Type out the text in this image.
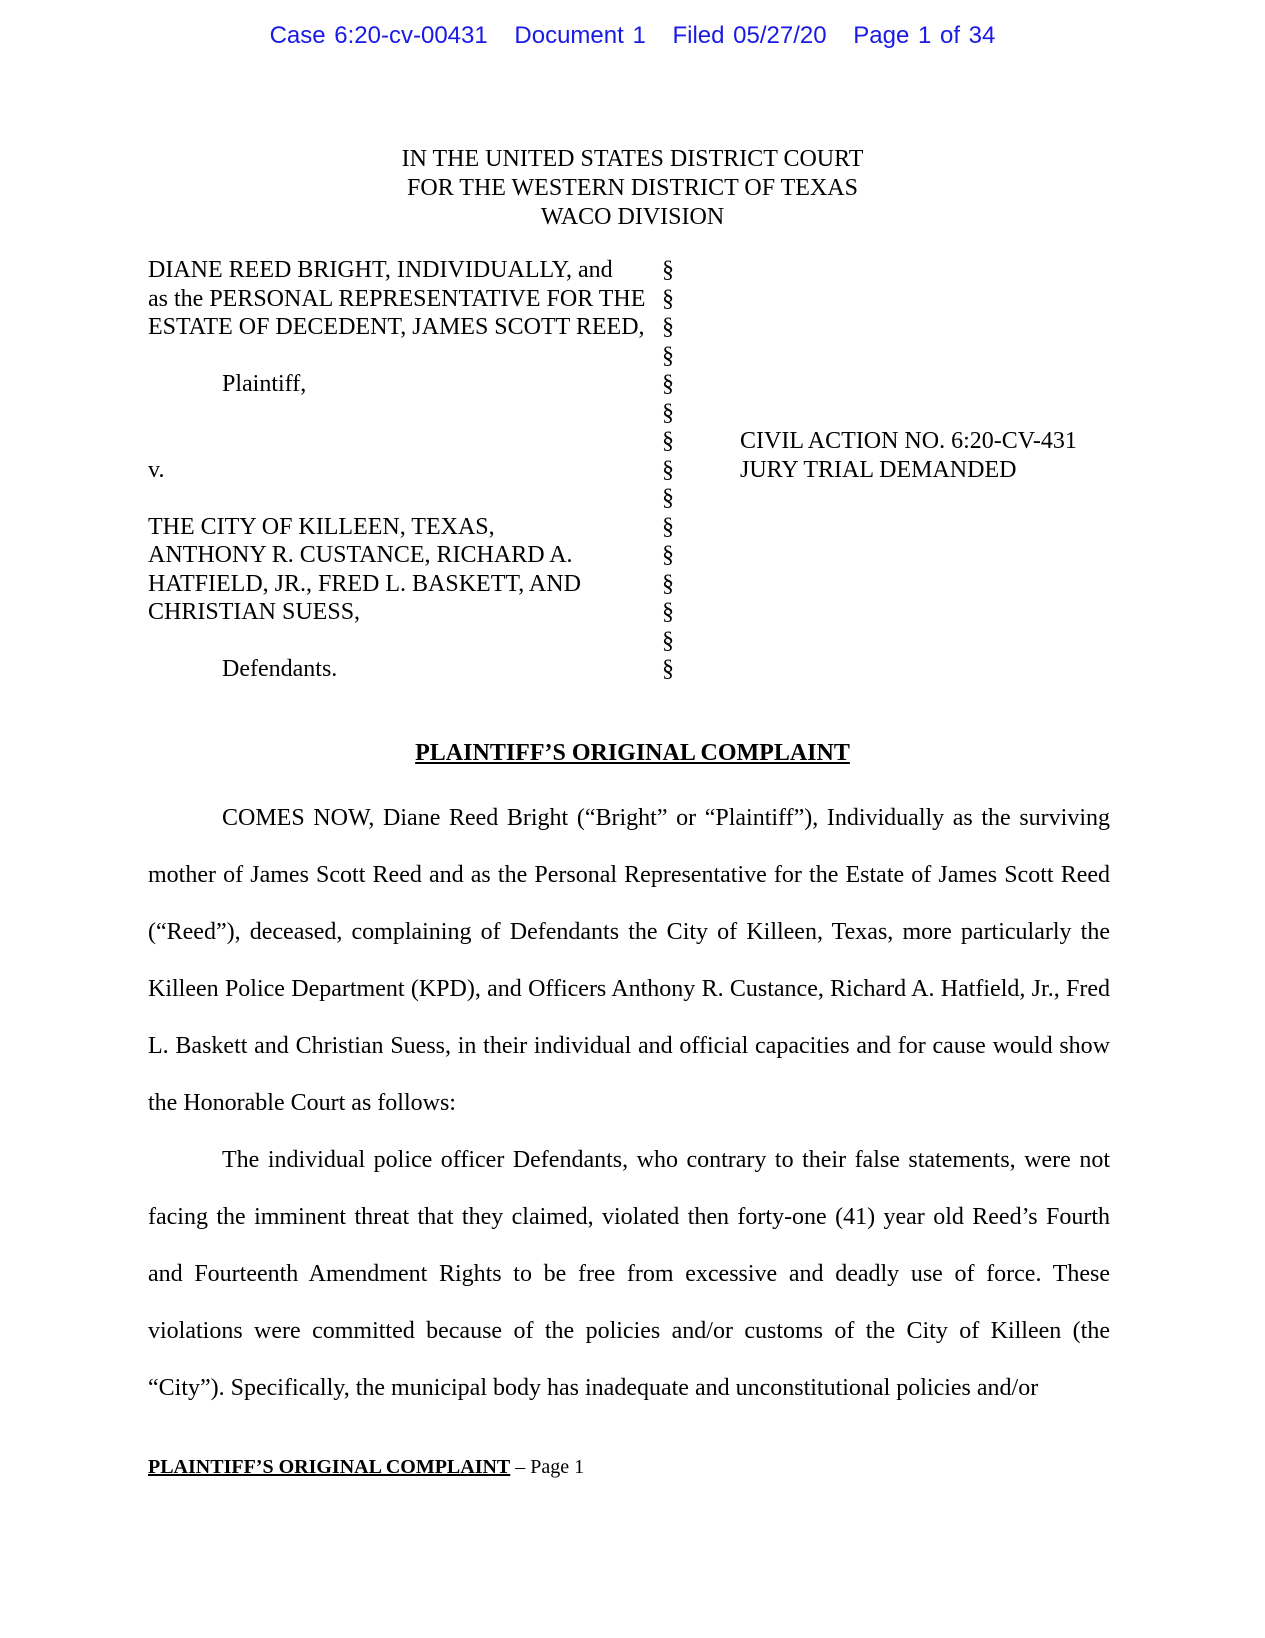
Case 6:20-cv-00431 Document 1 Filed 05/27/20 Page 1 of 34
IN THE UNITED STATES DISTRICT COURT
FOR THE WESTERN DISTRICT OF TEXAS
WACO DIVISION
DIANE REED BRIGHT, INDIVIDUALLY, and
as the PERSONAL REPRESENTATIVE FOR THE
ESTATE OF DECEDENT, JAMES SCOTT REED,
Plaintiff,
v.
THE CITY OF KILLEEN, TEXAS,
ANTHONY R. CUSTANCE, RICHARD A.
HATFIELD, JR., FRED L. BASKETT, AND
CHRISTIAN SUESS,
Defendants.
§
§
§
§
§
§
§
§
§
§
§
§
§
§
§
CIVIL ACTION NO. 6:20-CV-431
JURY TRIAL DEMANDED
PLAINTIFF’S ORIGINAL COMPLAINT

COMES NOW, Diane Reed Bright (“Bright” or “Plaintiff”), Individually as the surviving mother of James Scott Reed and as the Personal Representative for the Estate of James Scott Reed (“Reed”), deceased, complaining of Defendants the City of Killeen, Texas, more particularly the Killeen Police Department (KPD), and Officers Anthony R. Custance, Richard A. Hatfield, Jr., Fred L. Baskett and Christian Suess, in their individual and official capacities and for cause would show the Honorable Court as follows:

The individual police officer Defendants, who contrary to their false statements, were not facing the imminent threat that they claimed, violated then forty-one (41) year old Reed’s Fourth and Fourteenth Amendment Rights to be free from excessive and deadly use of force. These violations were committed because of the policies and/or customs of the City of Killeen (the “City”). Specifically, the municipal body has inadequate and unconstitutional policies and/or

PLAINTIFF’S ORIGINAL COMPLAINT – Page 1
